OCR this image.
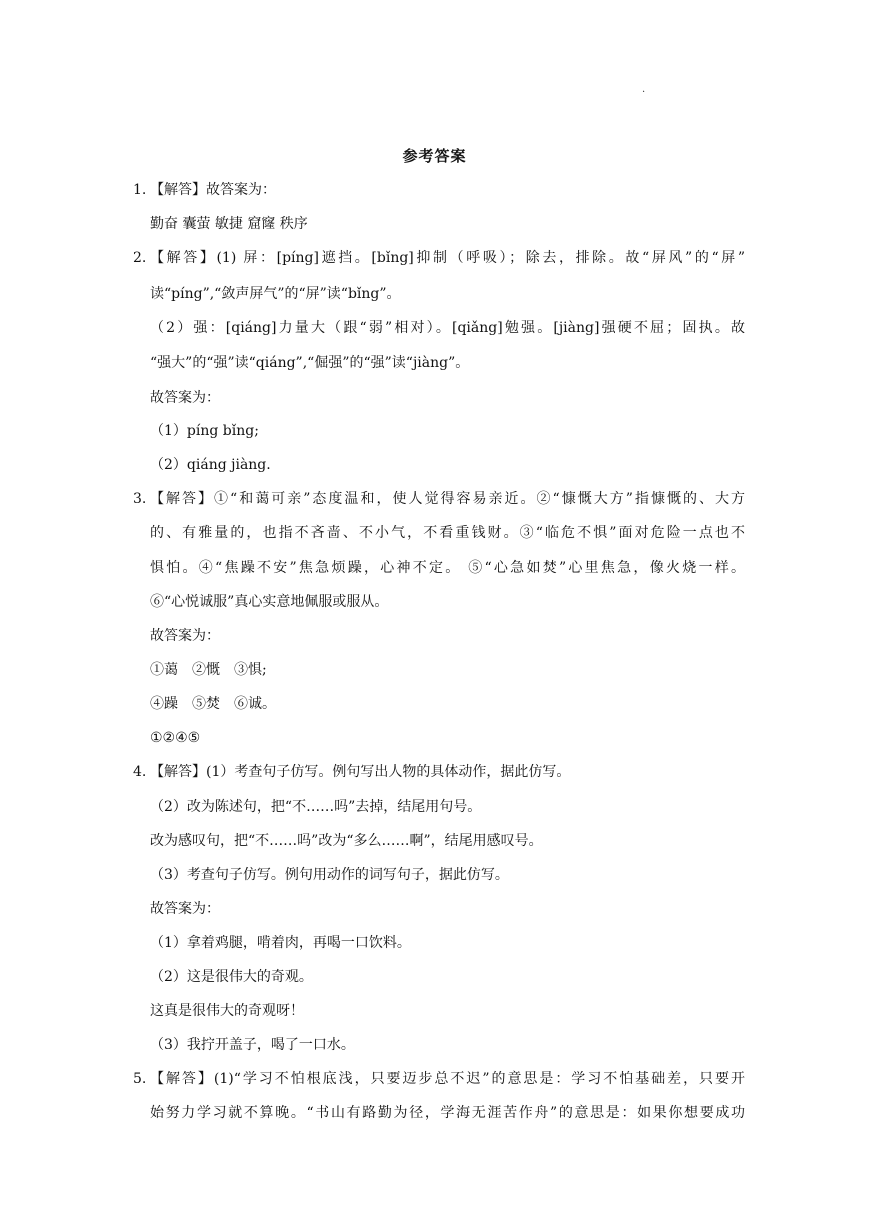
.
参考答案
1. 【解答】故答案为：
勤奋 囊萤 敏捷 窟窿 秩序
2. 【解答】(1) 屏：[píng]遮挡。[bǐng]抑制（呼吸）；除去，排除。故“屏风”的“屏”
读“píng”,“敛声屏气”的“屏”读“bǐng”。
（2）强：[qiáng]力量大（跟“弱”相对）。[qiǎng]勉强。[jiàng]强硬不屈；固执。故
“强大”的“强”读“qiáng”,“倔强”的“强”读“jiàng”。
故答案为：
（1）píng bǐng;
（2）qiáng jiàng.
3. 【解答】①“和蔼可亲”态度温和，使人觉得容易亲近。②“慷慨大方”指慷慨的、大方
的、有雅量的，也指不吝啬、不小气，不看重钱财。③“临危不惧”面对危险一点也不
惧怕。④“焦躁不安”焦急烦躁，心神不定。 ⑤“心急如焚”心里焦急，像火烧一样。
⑥“心悦诚服”真心实意地佩服或服从。
故答案为：
①蔼　②慨　③惧;
④躁　⑤焚　⑥诚。
①②④⑤
4. 【解答】(1）考查句子仿写。例句写出人物的具体动作，据此仿写。
（2）改为陈述句，把“不……吗”去掉，结尾用句号。
改为感叹句，把“不……吗”改为“多么……啊”，结尾用感叹号。
（3）考查句子仿写。例句用动作的词写句子，据此仿写。
故答案为：
（1）拿着鸡腿，啃着肉，再喝一口饮料。
（2）这是很伟大的奇观。
这真是很伟大的奇观呀！
（3）我拧开盖子，喝了一口水。
5. 【解答】(1)“学习不怕根底浅，只要迈步总不迟”的意思是：学习不怕基础差，只要开
始努力学习就不算晚。“书山有路勤为径，学海无涯苦作舟”的意思是：如果你想要成功
